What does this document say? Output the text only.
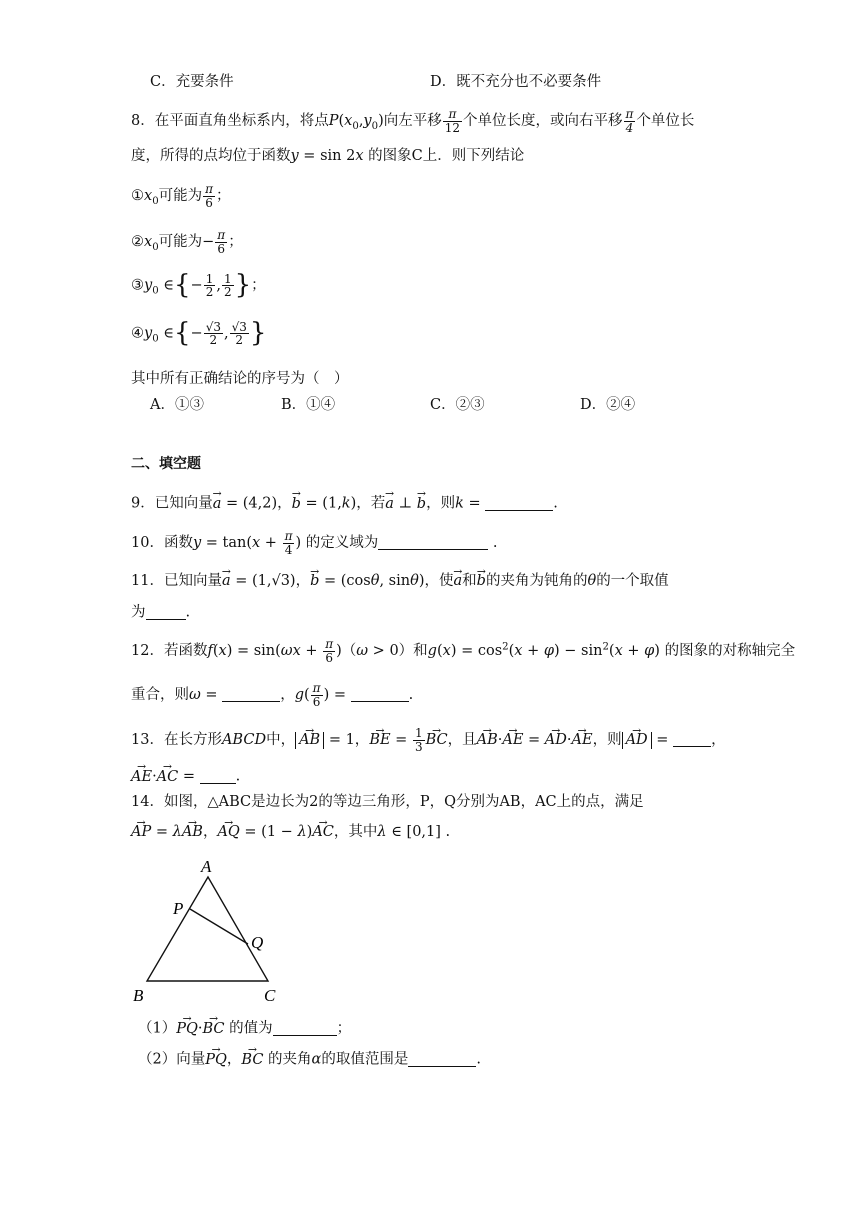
C．充要条件	D．既不充分也不必要条件
8．在平面直角坐标系内，将点$P(x_0,y_0)$向左平移 $\frac{\pi}{12}$ 个单位长度，或向右平移 $\frac{\pi}{4}$ 个单位长
度，所得的点均位于函数y = sin 2x 的图象C上．则下列结论
$①x_0$可能为 $\frac{\pi}{6}$ ；
$②x_0$可能为− $\frac{\pi}{6}$ ；
$③y_0$ ∈{− $\frac{1}{2}$ , $\frac{1}{2}$ }；
$④y_0$ ∈{− $\frac{√3}{2}$ , $\frac{√3}{2}$ }
其中所有正确结论的序号为（　）
A．①③	B．①④	C．②③	D．②④
二、填空题
9．已知向量→ a = (4,2)，→ b = (1,k)，若→ a ⊥ → b，则k =	.
10．函数$y = \tan(x + \frac{\pi}{4}$ ) 的定义域为	.
11．已知向量→ a = (1,√3)，→ b = (cosθ, sinθ)，使→ a和→ b的夹角为钝角的θ的一个取值
为	.
12．若函数$f(x) = \sin(\omega x + \frac{\pi}{6} )(\omega > 0)$和$g(x) = \cos^2(x + \varphi) - \sin^2(x + \varphi)$ 的图象的对称轴完全
重合，则ω =	，$g( \frac{\pi}{6}$ ) =	.
13．在长方形ABCD中， → AB = 1，→ BE = $\frac{1}{3}$ → BC，且→ AB·→ AE = → AD·→ AE，则 → AD =	，
→ AE·→ AC = .
14．如图，△ABC是边长为2的等边三角形，P，Q分别为AB，AC上的点，满足
→ AP = λ→ AB，→ AQ = (1 − λ)→ AC，其中λ ∈ [0,1] .
A
P
Q
B	C
（1）→ PQ·→ BC 的值为	；
（2）向量→ PQ，→ BC 的夹角α的取值范围是	.
